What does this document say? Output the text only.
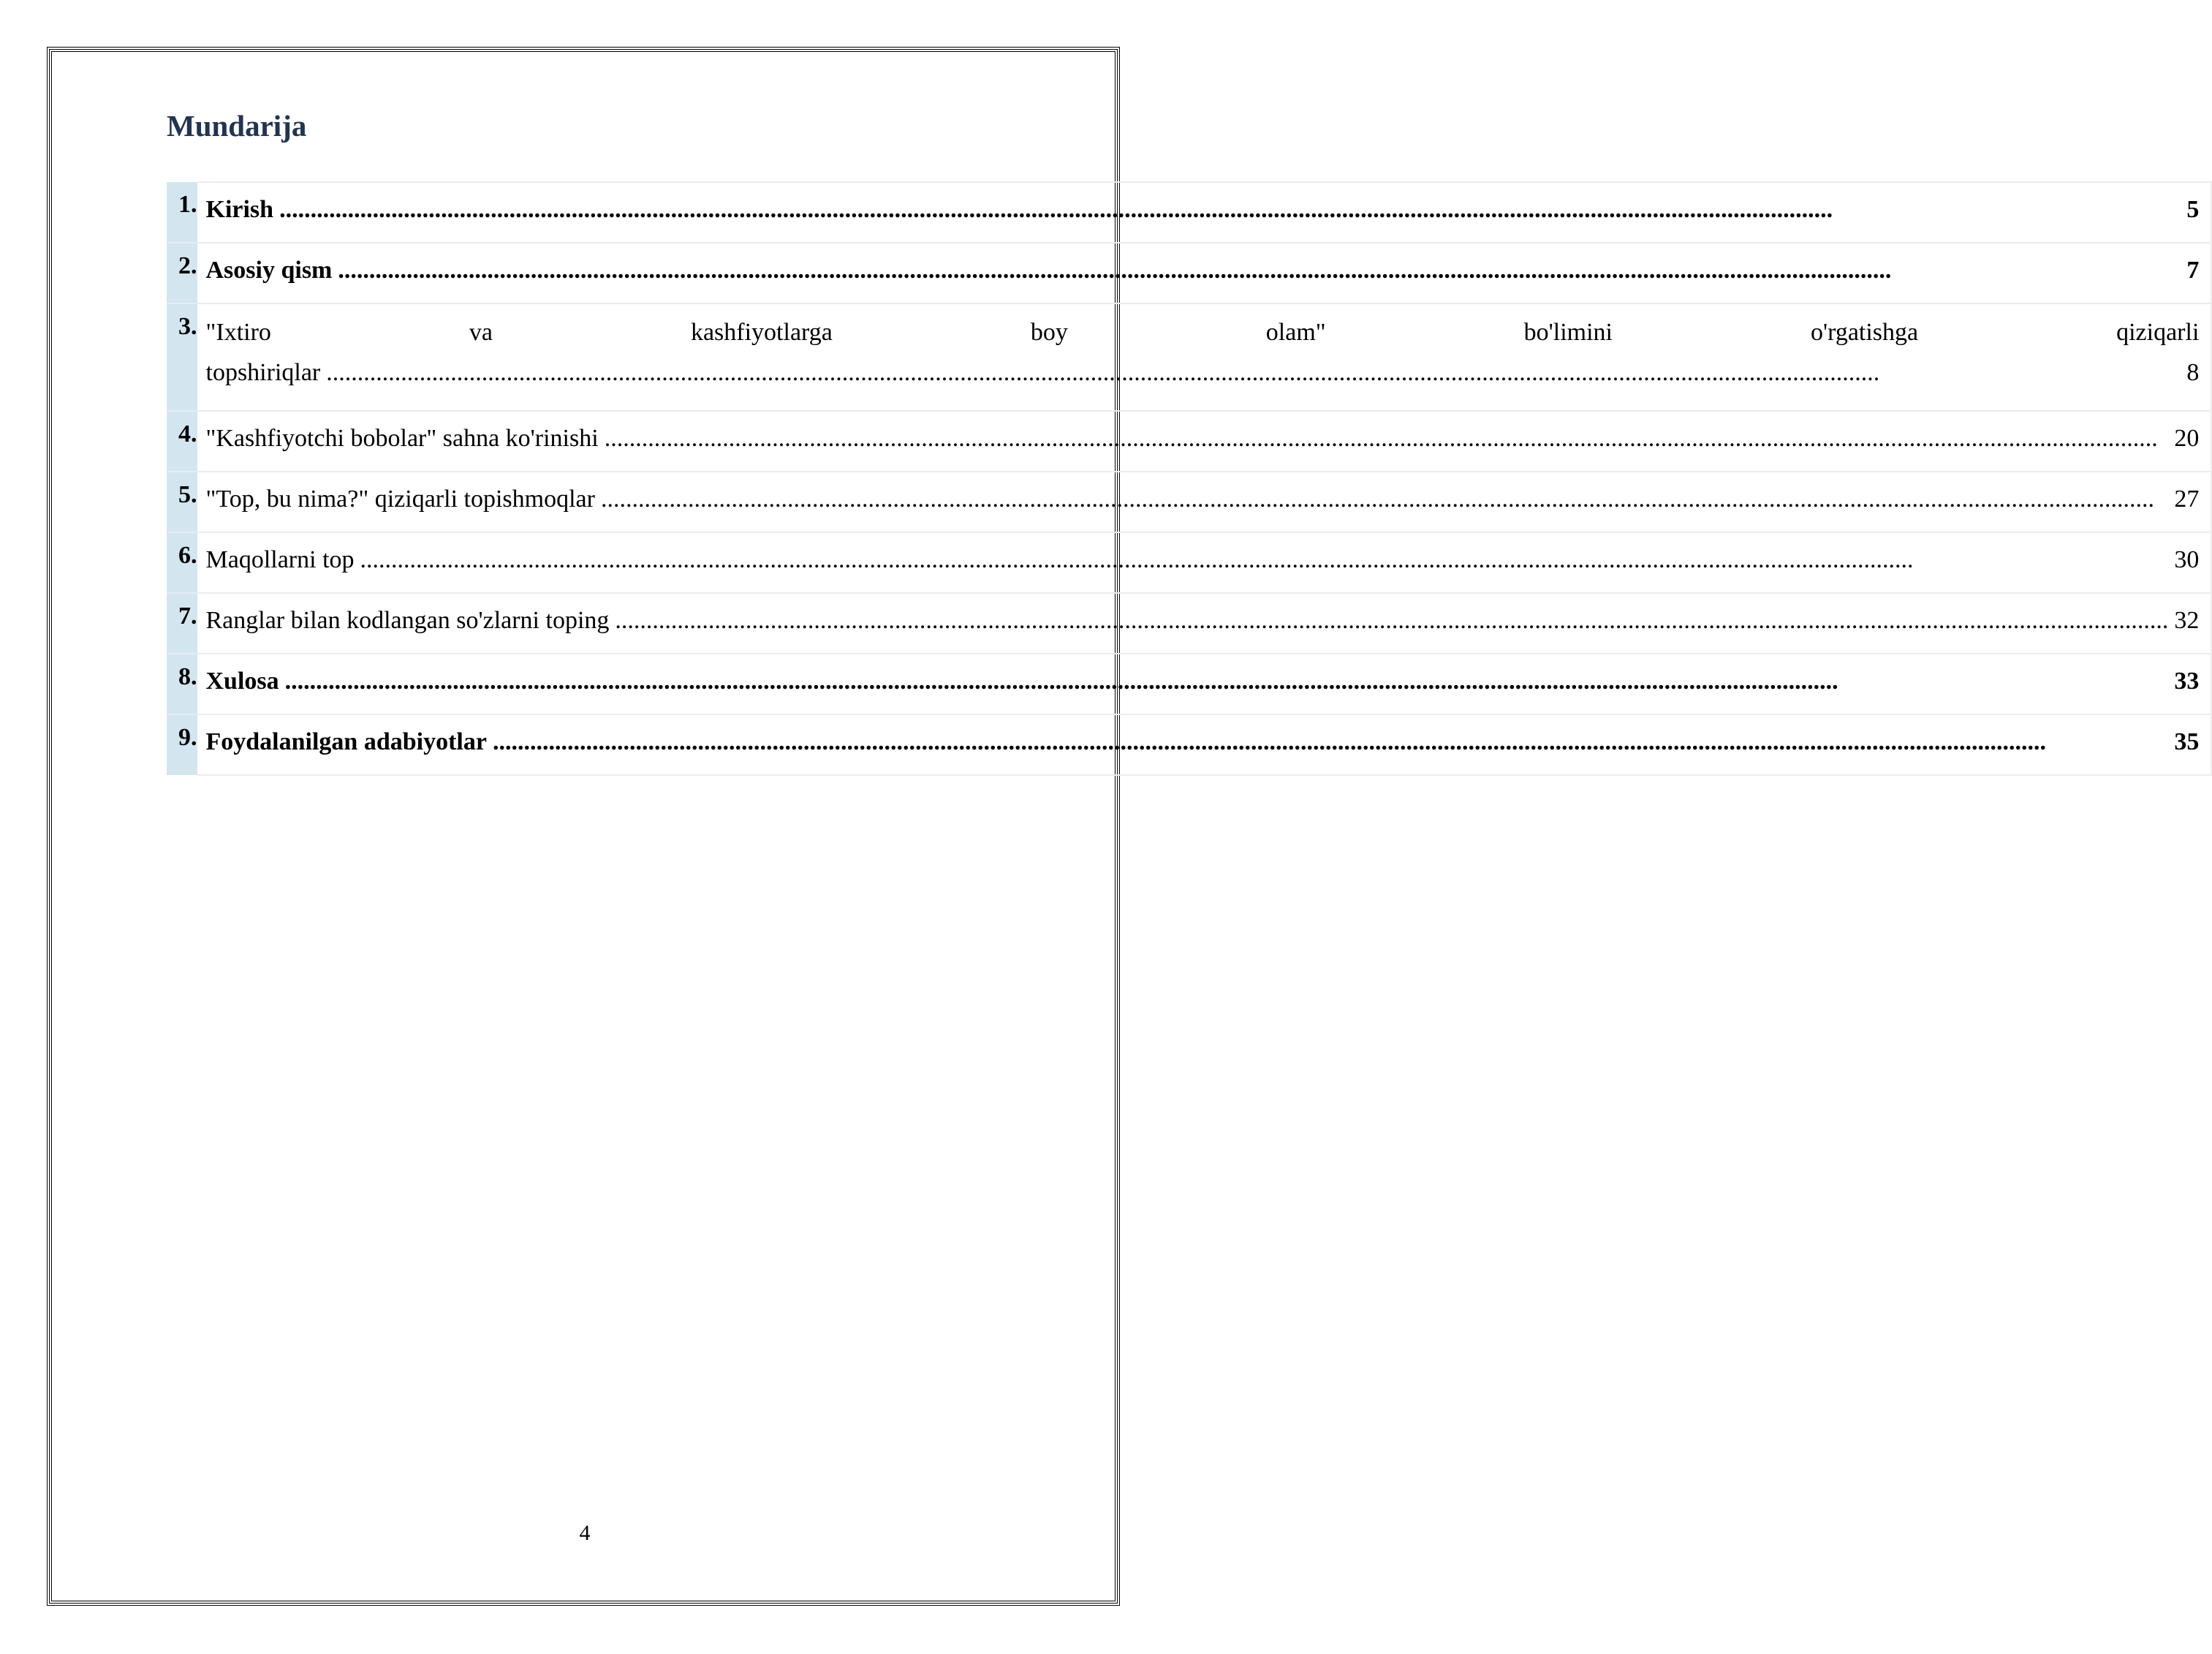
Mundarija
1.	Kirish ..... 5

2.	Asosiy qism ..... 7

3.	"Ixtiro va kashfiyotlarga boy olam" bo'limini o'rgatishga qiziqarli
topshiriqlar ..... 8

4.	"Kashfiyotchi bobolar" sahna ko'rinishi ..... 20

5.	"Top, bu nima?" qiziqarli topishmoqlar ..... 27

6.	Maqollarni top ..... 30

7.	Ranglar bilan kodlangan so'zlarni toping ..... 32

8.	Xulosa ..... 33

9.	Foydalanilgan adabiyotlar ..... 35
4
